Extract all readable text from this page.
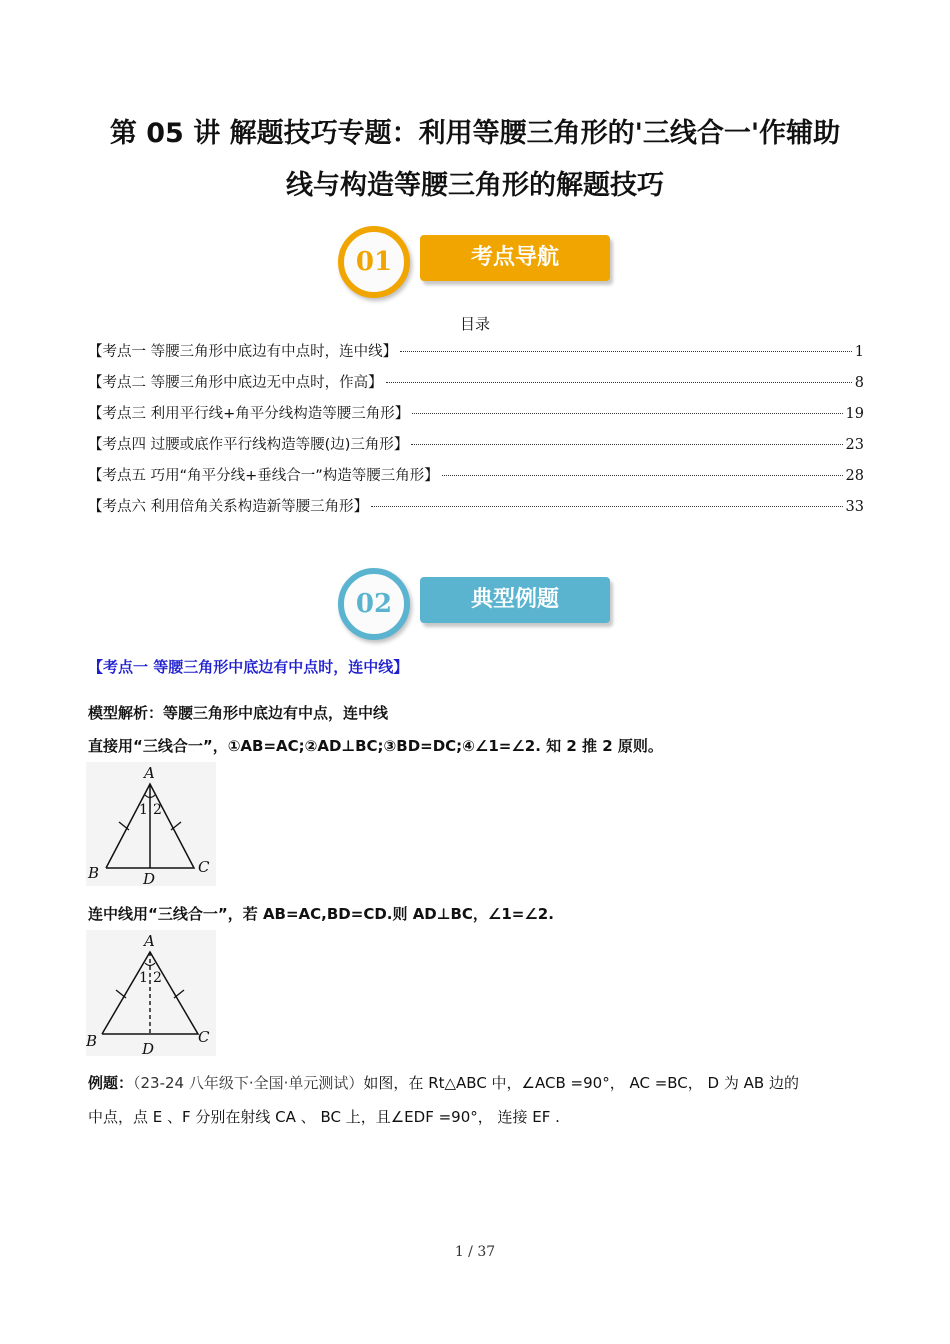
第 05 讲 解题技巧专题：利用等腰三角形的'三线合一'作辅助
线与构造等腰三角形的解题技巧
01	考点导航
目录
【考点一 等腰三角形中底边有中点时，连中线】	1
【考点二 等腰三角形中底边无中点时，作高】	8
【考点三 利用平行线+角平分线构造等腰三角形】	19
【考点四 过腰或底作平行线构造等腰(边)三角形】	23
【考点五 巧用“角平分线+垂线合一”构造等腰三角形】	28
【考点六 利用倍角关系构造新等腰三角形】	33
02	典型例题
【考点一 等腰三角形中底边有中点时，连中线】
模型解析：等腰三角形中底边有中点，连中线
直接用“三线合一”，①AB=AC;②AD⊥BC;③BD=DC;④∠1=∠2. 知 2 推 2 原则。
A
B	C
D
1 2
连中线用“三线合一”，若 AB=AC,BD=CD.则 AD⊥BC，∠1=∠2.
A
B	C
D
1 2
例题：（23-24 八年级下·全国·单元测试）如图，在 Rt△ABC 中，∠ACB =90°， AC =BC， D 为 AB 边的
中点，点 E 、F 分别在射线 CA 、 BC 上，且∠EDF =90°， 连接 EF .
1 / 37
